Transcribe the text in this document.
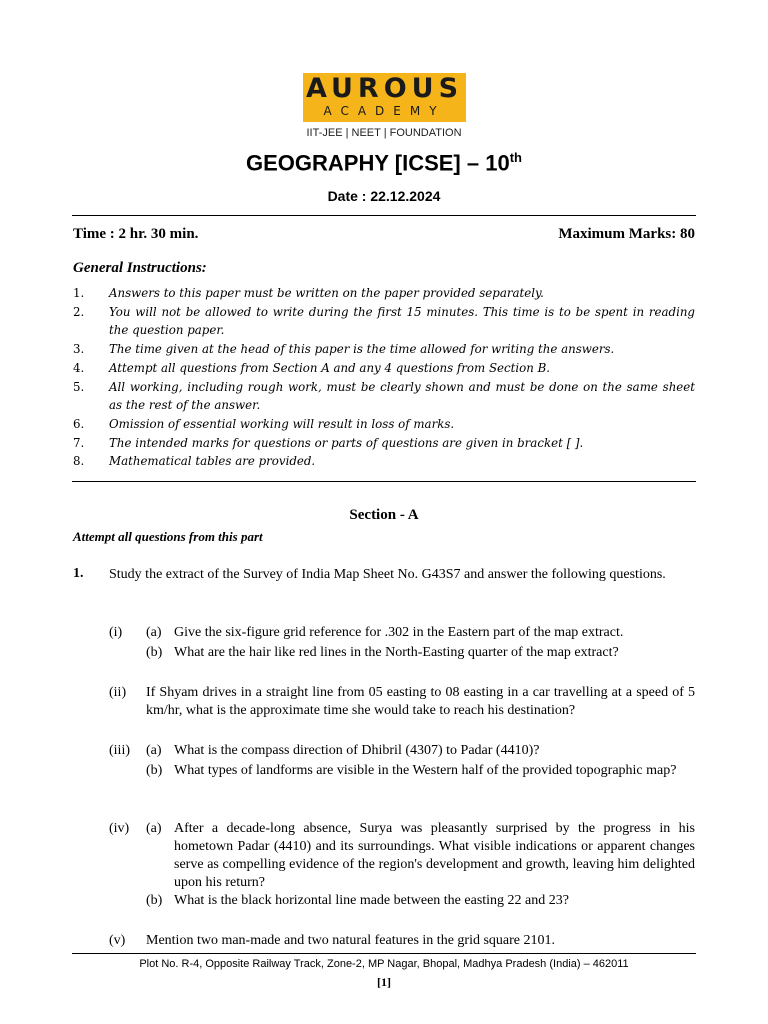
AUROUS
ACADEMY
IIT-JEE | NEET | FOUNDATION
GEOGRAPHY [ICSE] – 10th
Date : 22.12.2024
Time : 2 hr. 30 min.	Maximum Marks: 80
General Instructions:
1.	Answers to this paper must be written on the paper provided separately.
2.	You will not be allowed to write during the first 15 minutes. This time is to be spent in reading the question paper.
3.	The time given at the head of this paper is the time allowed for writing the answers.
4.	Attempt all questions from Section A and any 4 questions from Section B.
5.	All working, including rough work, must be clearly shown and must be done on the same sheet as the rest of the answer.
6.	Omission of essential working will result in loss of marks.
7.	The intended marks for questions or parts of questions are given in bracket [ ].
8.	Mathematical tables are provided.
Section - A
Attempt all questions from this part
1. Study the extract of the Survey of India Map Sheet No. G43S7 and answer the following questions.
(i) (a) Give the six-figure grid reference for .302 in the Eastern part of the map extract.
(b) What are the hair like red lines in the North-Easting quarter of the map extract?
(ii) If Shyam drives in a straight line from 05 easting to 08 easting in a car travelling at a speed of 5 km/hr, what is the approximate time she would take to reach his destination?
(iii) (a) What is the compass direction of Dhibril (4307) to Padar (4410)?
(b) What types of landforms are visible in the Western half of the provided topographic map?
(iv) (a) After a decade-long absence, Surya was pleasantly surprised by the progress in his hometown Padar (4410) and its surroundings. What visible indications or apparent changes serve as compelling evidence of the region's development and growth, leaving him delighted upon his return?
(b) What is the black horizontal line made between the easting 22 and 23?
(v) Mention two man-made and two natural features in the grid square 2101.
Plot No. R-4, Opposite Railway Track, Zone-2, MP Nagar, Bhopal, Madhya Pradesh (India) – 462011
[1]
